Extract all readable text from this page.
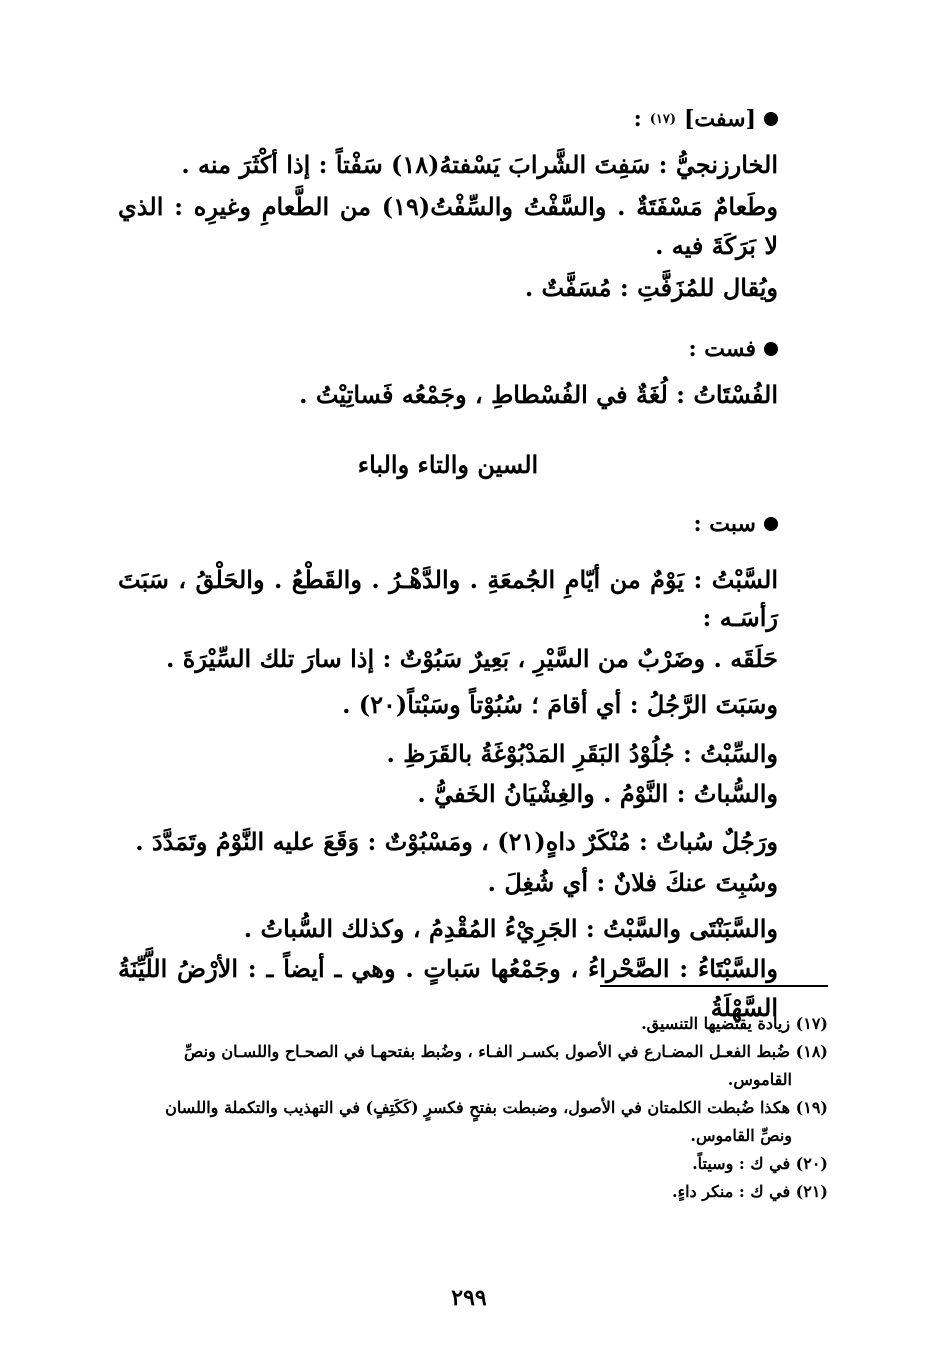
[سفت]
(١٧)
:

الخارزنجيُّ : سَفِتَ الشَّرابَ يَسْفتهُ(١٨) سَفْتاً : إذا أكْثَرَ منه .

وطَعامٌ مَسْفَتَةٌ . والسَّفْتُ والسِّفْتُ(١٩) من الطَّعامِ وغيرِه : الذي لا بَرَكَةَ فيه .

ويُقال للمُزَفَّتِ : مُسَفَّتٌ .

فست :

الفُسْتَاتُ : لُغَةٌ في الفُسْطاطِ ، وجَمْعُه فَساتِيْتُ .

السين والتاء والباء
سبت :

السَّبْتُ : يَوْمٌ من أيّامِ الجُمعَةِ . والدَّهْـرُ . والقَطْعُ . والحَلْقُ ، سَبَتَ رَأسَـه :

حَلَقَه . وضَرْبٌ من السَّيْرِ ، بَعِيرٌ سَبُوْتٌ : إذا سارَ تلك السِّيْرَةَ .

وسَبَتَ الرَّجُلُ : أي أقامَ ؛ سُبُوْتاً وسَبْتاً(٢٠) .

والسِّبْتُ : جُلُوْدُ البَقَرِ المَدْبُوْغَةُ بالقَرَظِ .

والسُّباتُ : النَّوْمُ . والغِشْيَانُ الخَفيُّ .

ورَجُلٌ سُباتٌ : مُنْكَرٌ داهٍ(٢١) ، ومَسْبُوْتٌ : وَقَعَ عليه النَّوْمُ وتَمَدَّدَ .

وسُبِتَ عنكَ فلانٌ : أي شُغِلَ .

والسَّبَنْتَى والسَّبْتُ : الجَرِيْءُ المُقْدِمُ ، وكذلك السُّباتُ .

والسَّبْتَاءُ : الصَّحْراءُ ، وجَمْعُها سَباتٍ . وهي ـ أيضاً ـ : الأرْضُ اللَّيِّنَةُ السَّهْلَةُ

(١٧) زيادة يقتضيها التنسيق.
(١٨) ضُبط الفعـل المضـارع في الأصول بكسـر الفـاء ، وضُبط بفتحهـا في الصحـاح واللسـان ونصِّ
القاموس.
(١٩) هكذا ضُبطت الكلمتان في الأصول، وضبطت بفتحٍ فكسرٍ (كَكَتِفٍ) في التهذيب والتكملة واللسان
ونصِّ القاموس.
(٢٠) في ك : وسيتاً.
(٢١) في ك : منكر داءٍ.
٢٩٩
